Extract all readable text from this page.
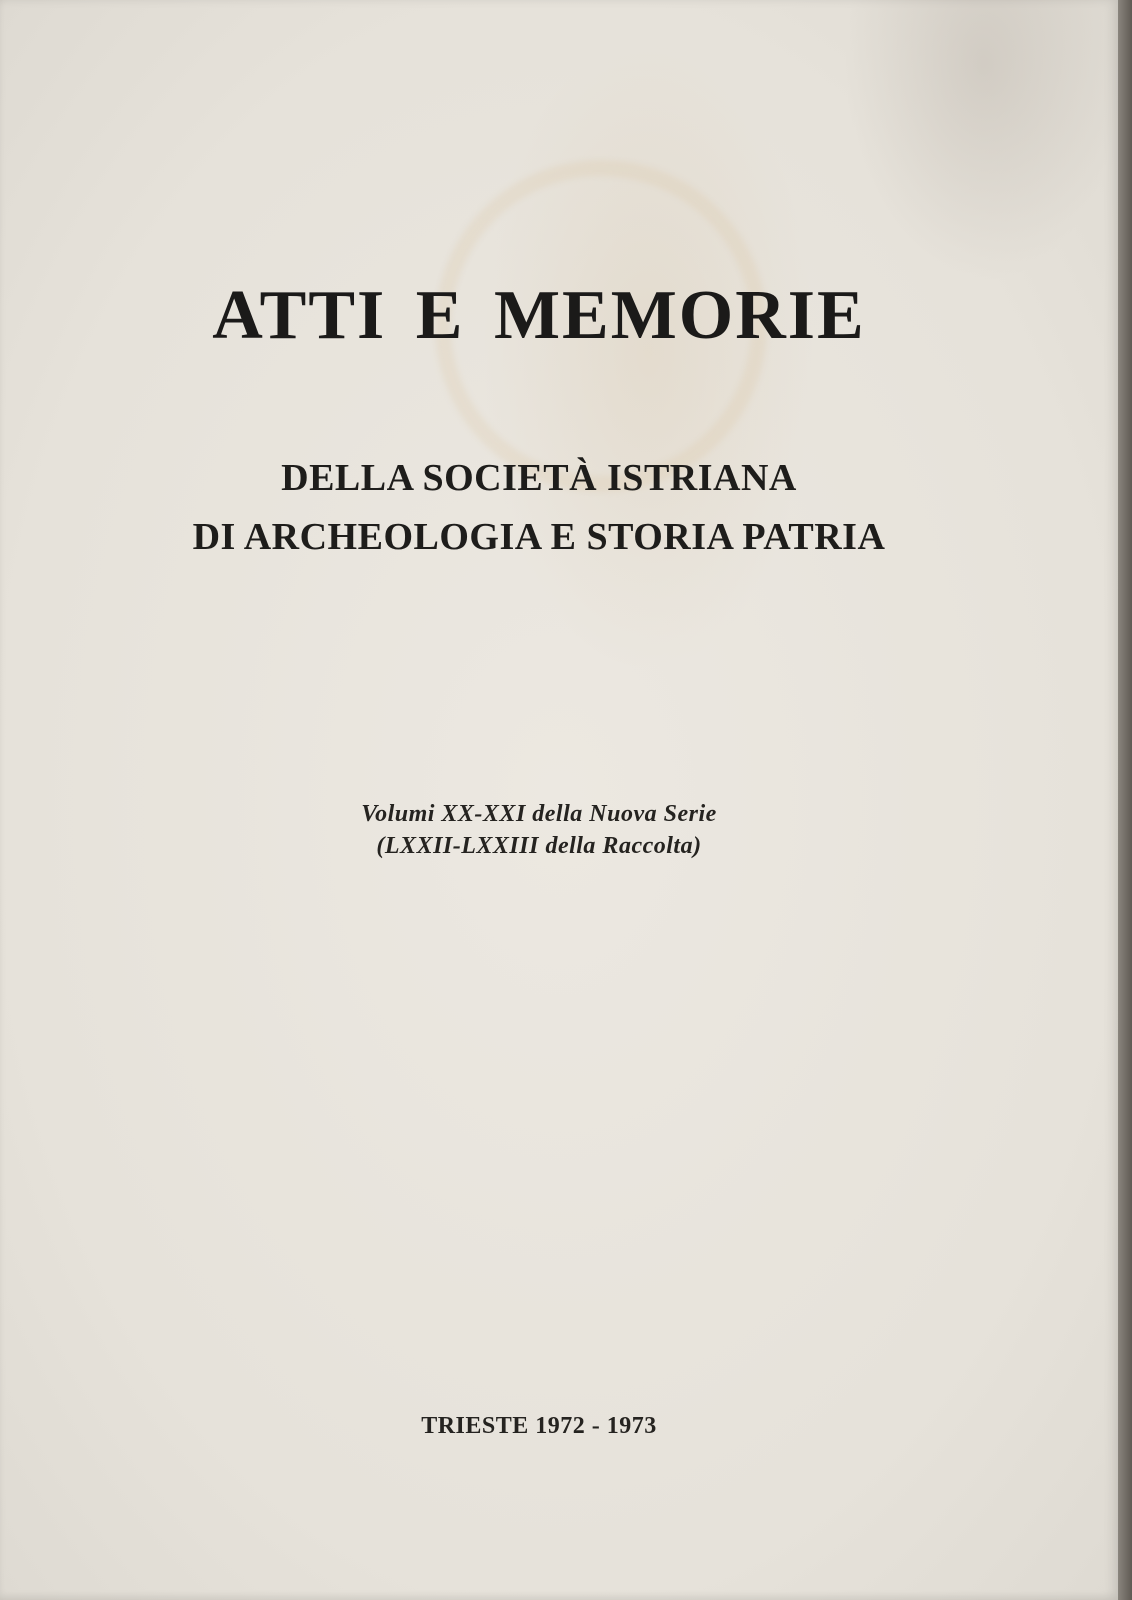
ATTI E MEMORIE
DELLA SOCIETÀ ISTRIANA
DI ARCHEOLOGIA E STORIA PATRIA
Volumi XX-XXI della Nuova Serie
(LXXII-LXXIII della Raccolta)
TRIESTE 1972 - 1973
